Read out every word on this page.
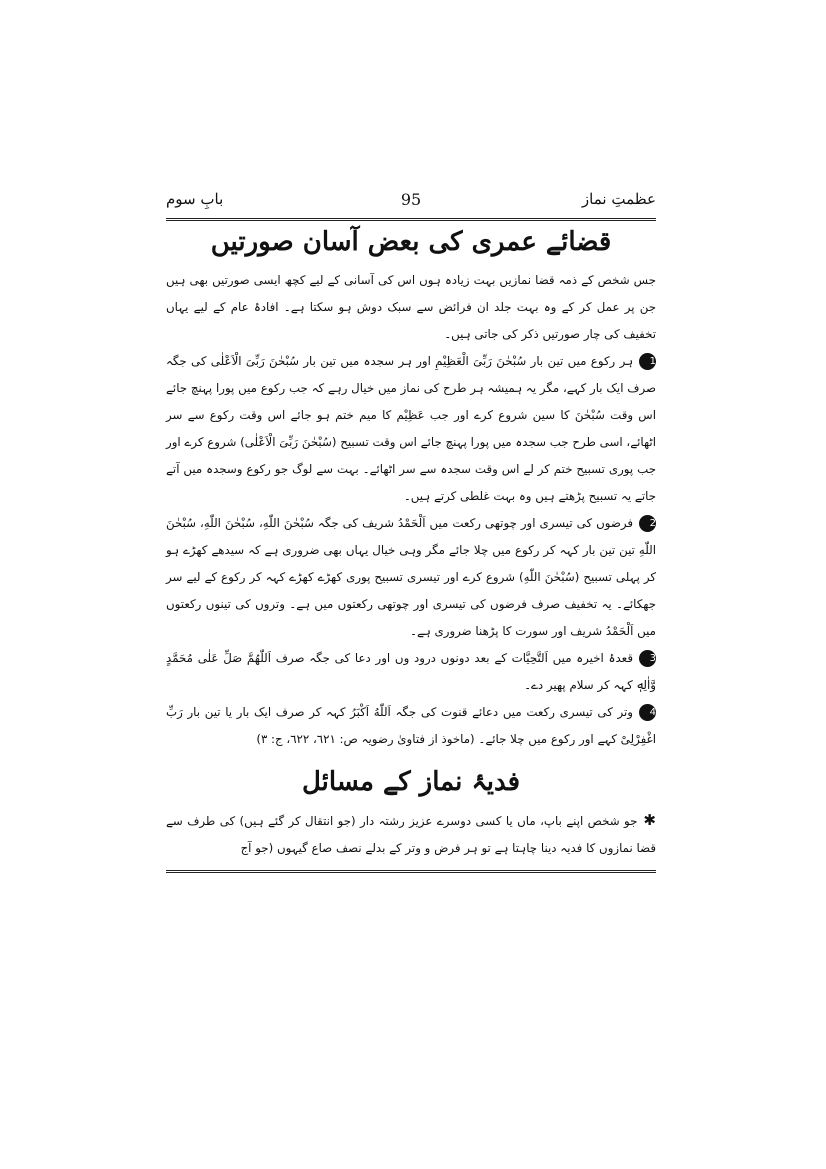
عظمتِ نماز
95
بابِ سوم
قضائے عمری کی بعض آسان صورتیں

جس شخص کے ذمہ قضا نمازیں بہت زیادہ ہوں اس کی آسانی کے لیے کچھ ایسی صورتیں بھی ہیں جن پر عمل کر کے وہ بہت جلد ان فرائض سے سبک دوش ہو سکتا ہے۔ افادۂ عام کے لیے یہاں تخفیف کی چار صورتیں ذکر کی جاتی ہیں۔

1ہر رکوع میں تین بار سُبْحٰنَ رَبِّیَ الْعَظِیْمِ اور ہر سجدہ میں تین بار سُبْحٰنَ رَبِّیَ الْاَعْلٰی کی جگہ صرف ایک بار کہے، مگر یہ ہمیشہ ہر طرح کی نماز میں خیال رہے کہ جب رکوع میں پورا پہنچ جائے اس وقت سُبْحٰنَ کا سین شروع کرے اور جب عَظِیْم کا میم ختم ہو جائے اس وقت رکوع سے سر اٹھائے، اسی طرح جب سجدہ میں پورا پہنچ جائے اس وقت تسبیح (سُبْحٰنَ رَبِّیَ الْاَعْلٰی) شروع کرے اور جب پوری تسبیح ختم کر لے اس وقت سجدہ سے سر اٹھائے۔ بہت سے لوگ جو رکوع وسجدہ میں آتے جاتے یہ تسبیح پڑھتے ہیں وہ بہت غلطی کرتے ہیں۔

2فرضوں کی تیسری اور چوتھی رکعت میں اَلْحَمْدُ شریف کی جگہ سُبْحٰنَ اللّٰهِ، سُبْحٰنَ اللّٰهِ، سُبْحٰنَ اللّٰهِ تین تین بار کہہ کر رکوع میں چلا جائے مگر وہی خیال یہاں بھی ضروری ہے کہ سیدھے کھڑے ہو کر پہلی تسبیح (سُبْحٰنَ اللّٰهِ) شروع کرے اور تیسری تسبیح پوری کھڑے کھڑے کہہ کر رکوع کے لیے سر جھکائے۔ یہ تخفیف صرف فرضوں کی تیسری اور چوتھی رکعتوں میں ہے۔ وتروں کی تینوں رکعتوں میں اَلْحَمْدُ شریف اور سورت کا پڑھنا ضروری ہے۔

3قعدۂ اخیرہ میں اَلتَّحِيَّات کے بعد دونوں درود وں اور دعا کی جگہ صرف اَللّٰهُمَّ صَلِّ عَلٰی مُحَمَّدٍ وَّاٰلِهٖ کہہ کر سلام پھیر دے۔

4وتر کی تیسری رکعت میں دعائے قنوت کی جگہ اَللّٰهُ اَكْبَرُ کہہ کر صرف ایک بار یا تین بار رَبِّ اغْفِرْلِیْ کہے اور رکوع میں چلا جائے۔ (ماخوذ از فتاویٰ رضویہ ص: ٦٢١، ٦٢٢، ج: ٣)

فدیۂ نماز کے مسائل

✱جو شخص اپنے باپ، ماں یا کسی دوسرے عزیز رشتہ دار (جو انتقال کر گئے ہیں) کی طرف سے قضا نمازوں کا فدیہ دینا چاہتا ہے تو ہر فرض و وتر کے بدلے نصف صاع گیہوں (جو آج
